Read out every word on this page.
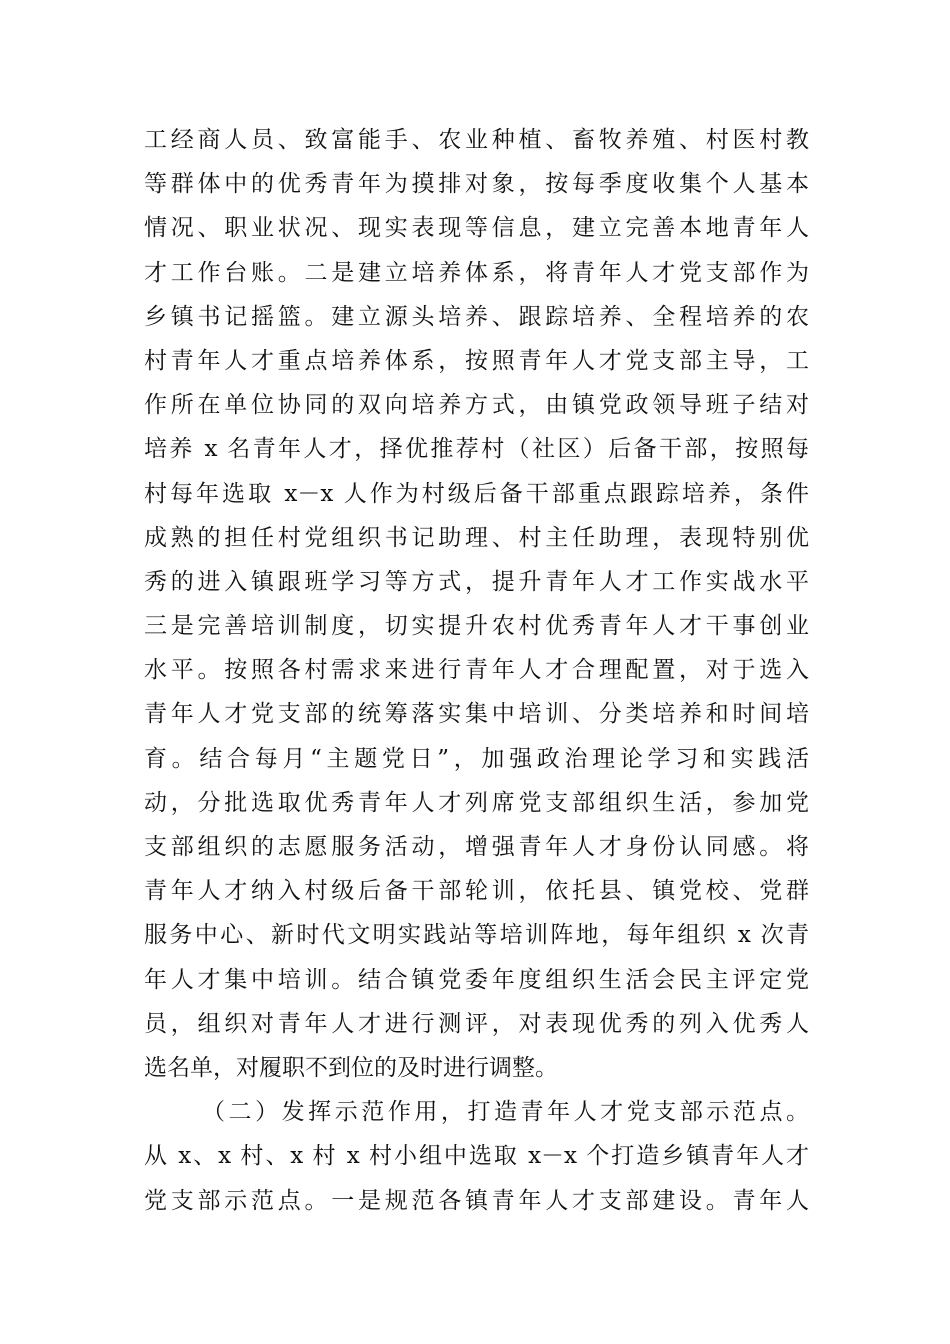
工经商人员、致富能手、农业种植、畜牧养殖、村医村教
等群体中的优秀青年为摸排对象，按每季度收集个人基本
情况、职业状况、现实表现等信息，建立完善本地青年人
才工作台账。二是建立培养体系，将青年人才党支部作为
乡镇书记摇篮。建立源头培养、跟踪培养、全程培养的农
村青年人才重点培养体系，按照青年人才党支部主导，工
作所在单位协同的双向培养方式，由镇党政领导班子结对
培养 x 名青年人才，择优推荐村（社区）后备干部，按照每
村每年选取 x－x 人作为村级后备干部重点跟踪培养，条件
成熟的担任村党组织书记助理、村主任助理，表现特别优
秀的进入镇跟班学习等方式，提升青年人才工作实战水平
三是完善培训制度，切实提升农村优秀青年人才干事创业
水平。按照各村需求来进行青年人才合理配置，对于选入
青年人才党支部的统筹落实集中培训、分类培养和时间培
育。结合每月“主题党日”，加强政治理论学习和实践活
动，分批选取优秀青年人才列席党支部组织生活，参加党
支部组织的志愿服务活动，增强青年人才身份认同感。将
青年人才纳入村级后备干部轮训，依托县、镇党校、党群
服务中心、新时代文明实践站等培训阵地，每年组织 x 次青
年人才集中培训。结合镇党委年度组织生活会民主评定党
员，组织对青年人才进行测评，对表现优秀的列入优秀人
选名单，对履职不到位的及时进行调整。
（二）发挥示范作用，打造青年人才党支部示范点。
从 x、x 村、x 村 x 村小组中选取 x－x 个打造乡镇青年人才
党支部示范点。一是规范各镇青年人才支部建设。青年人
